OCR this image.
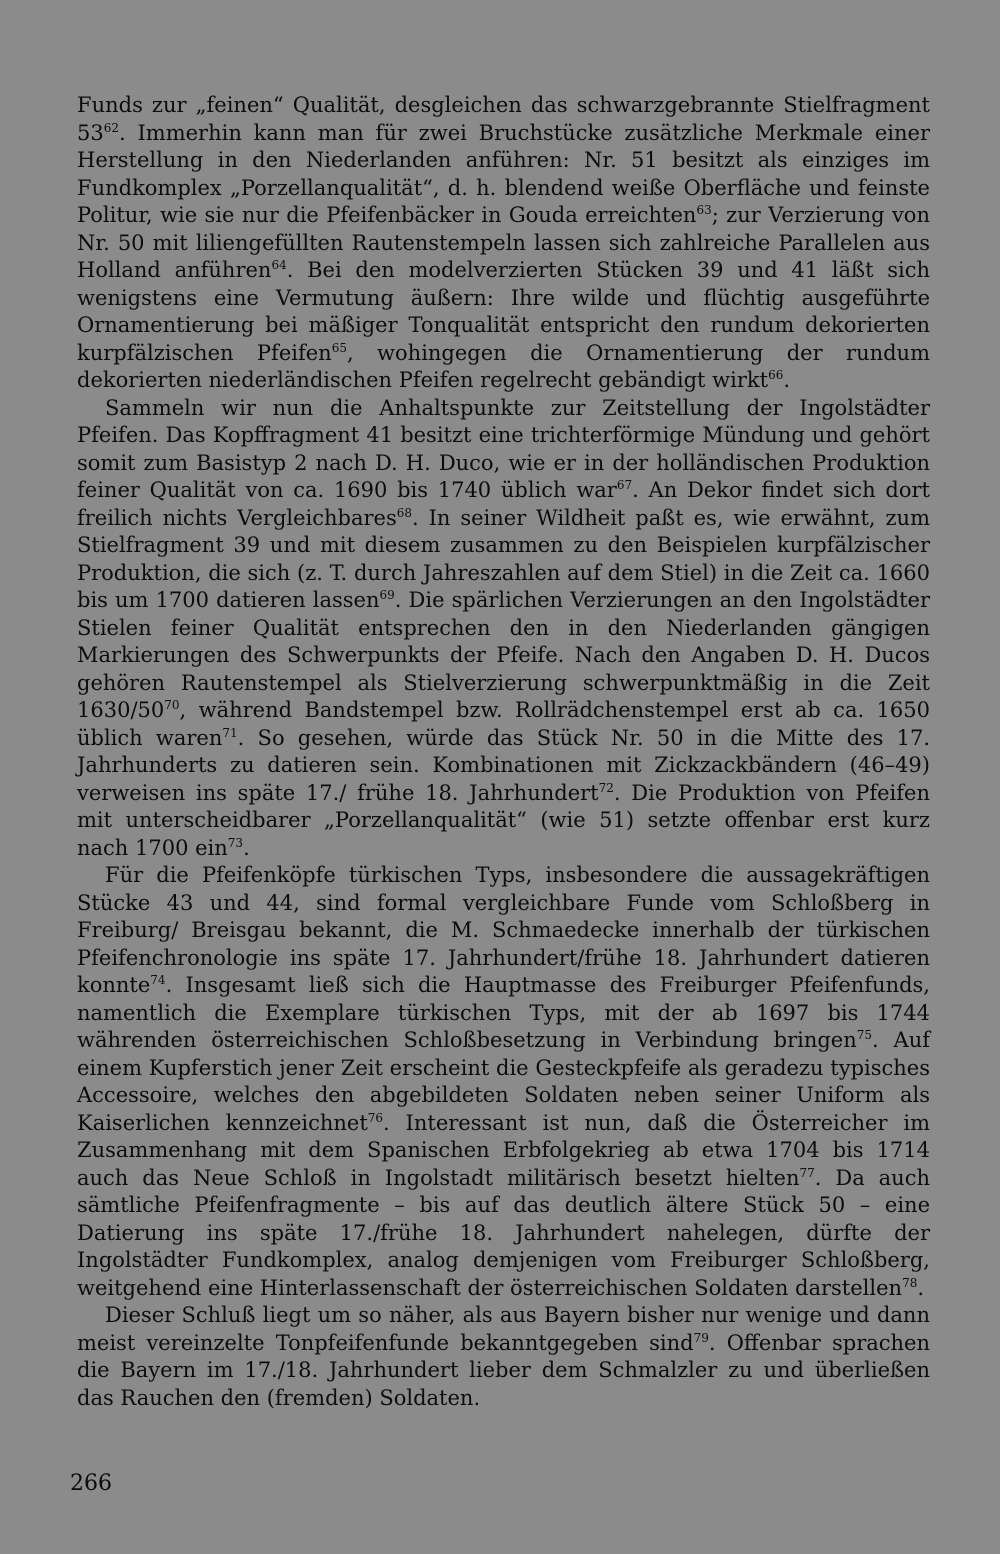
Funds zur „feinen“ Qualität, desgleichen das schwarzgebrannte Stielfragment $53^{62}$. Immerhin kann man für zwei Bruchstücke zusätzliche Merkmale einer Herstellung in den Niederlanden anführen: Nr. 51 besitzt als einziges im Fundkomplex „Porzellanqualität“, d. h. blendend weiße Oberfläche und feinste Politur, wie sie nur die Pfeifenbäcker in Gouda erreichten$^{63}$; zur Verzierung von Nr. 50 mit liliengefüllten Rautenstempeln lassen sich zahlreiche Parallelen aus Holland anführen$^{64}$. Bei den modelverzierten Stücken 39 und 41 läßt sich wenigstens eine Vermutung äußern: Ihre wilde und flüchtig ausgeführte Ornamentierung bei mäßiger Tonqualität entspricht den rundum dekorierten kurpfälzischen Pfeifen$^{65}$, wohingegen die Ornamentierung der rundum dekorierten niederländischen Pfeifen regelrecht gebändigt wirkt$^{66}$.

Sammeln wir nun die Anhaltspunkte zur Zeitstellung der Ingolstädter Pfeifen. Das Kopffragment 41 besitzt eine trichterförmige Mündung und gehört somit zum Basistyp 2 nach D. H. Duco, wie er in der holländischen Produktion feiner Qualität von ca. 1690 bis 1740 üblich war$^{67}$. An Dekor findet sich dort freilich nichts Vergleichbares$^{68}$. In seiner Wildheit paßt es, wie erwähnt, zum Stielfragment 39 und mit diesem zusammen zu den Beispielen kurpfälzischer Produktion, die sich (z. T. durch Jahreszahlen auf dem Stiel) in die Zeit ca. 1660 bis um 1700 datieren lassen$^{69}$. Die spärlichen Verzierungen an den Ingolstädter Stielen feiner Qualität entsprechen den in den Niederlanden gängigen Markierungen des Schwerpunkts der Pfeife. Nach den Angaben D. H. Ducos gehören Rautenstempel als Stielverzierung schwerpunktmäßig in die Zeit $1630/50^{70}$, während Bandstempel bzw. Rollrädchenstempel erst ab ca. 1650 üblich waren$^{71}$. So gesehen, würde das Stück Nr. 50 in die Mitte des 17. Jahrhunderts zu datieren sein. Kombinationen mit Zickzackbändern (46–49) verweisen ins späte 17./ frühe 18. Jahrhundert$^{72}$. Die Produktion von Pfeifen mit unterscheidbarer „Porzellanqualität“ (wie 51) setzte offenbar erst kurz nach 1700 ein$^{73}$.

Für die Pfeifenköpfe türkischen Typs, insbesondere die aussagekräftigen Stücke 43 und 44, sind formal vergleichbare Funde vom Schloßberg in Freiburg/ Breisgau bekannt, die M. Schmaedecke innerhalb der türkischen Pfeifenchronologie ins späte 17. Jahrhundert/frühe 18. Jahrhundert datieren konnte$^{74}$. Insgesamt ließ sich die Hauptmasse des Freiburger Pfeifenfunds, namentlich die Exemplare türkischen Typs, mit der ab 1697 bis 1744 währenden österreichischen Schloßbesetzung in Verbindung bringen$^{75}$. Auf einem Kupferstich jener Zeit erscheint die Gesteckpfeife als geradezu typisches Accessoire, welches den abgebildeten Soldaten neben seiner Uniform als Kaiserlichen kennzeichnet$^{76}$. Interessant ist nun, daß die Österreicher im Zusammenhang mit dem Spanischen Erbfolgekrieg ab etwa 1704 bis 1714 auch das Neue Schloß in Ingolstadt militärisch besetzt hielten$^{77}$. Da auch sämtliche Pfeifenfragmente – bis auf das deutlich ältere Stück 50 – eine Datierung ins späte 17./frühe 18. Jahrhundert nahelegen, dürfte der Ingolstädter Fundkomplex, analog demjenigen vom Freiburger Schloßberg, weitgehend eine Hinterlassenschaft der österreichischen Soldaten darstellen$^{78}$.

Dieser Schluß liegt um so näher, als aus Bayern bisher nur wenige und dann meist vereinzelte Tonpfeifenfunde bekanntgegeben sind$^{79}$. Offenbar sprachen die Bayern im 17./18. Jahrhundert lieber dem Schmalzler zu und überließen das Rauchen den (fremden) Soldaten.

266
